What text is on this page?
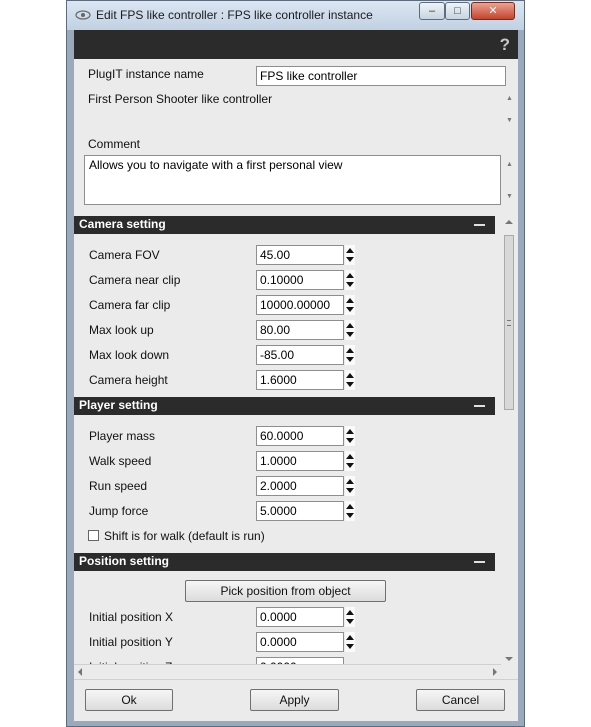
Edit FPS like controller : FPS like controller instance	–	□	✕
?
PlugIT instance name	FPS like controller
First Person Shooter like controller	▲
▼
Comment
Allows you to navigate with a first personal view	▲
▼
Camera setting
Camera FOV	45.00
Camera near clip	0.10000
Camera far clip	10000.00000
Max look up	80.00
Max look down	-85.00
Camera height	1.6000
Player setting
Player mass	60.0000
Walk speed	1.0000
Run speed	2.0000
Jump force	5.0000
Shift is for walk (default is run)
Position setting
Pick position from object
Initial position X	0.0000
Initial position Y	0.0000
Ok	Apply	Cancel
